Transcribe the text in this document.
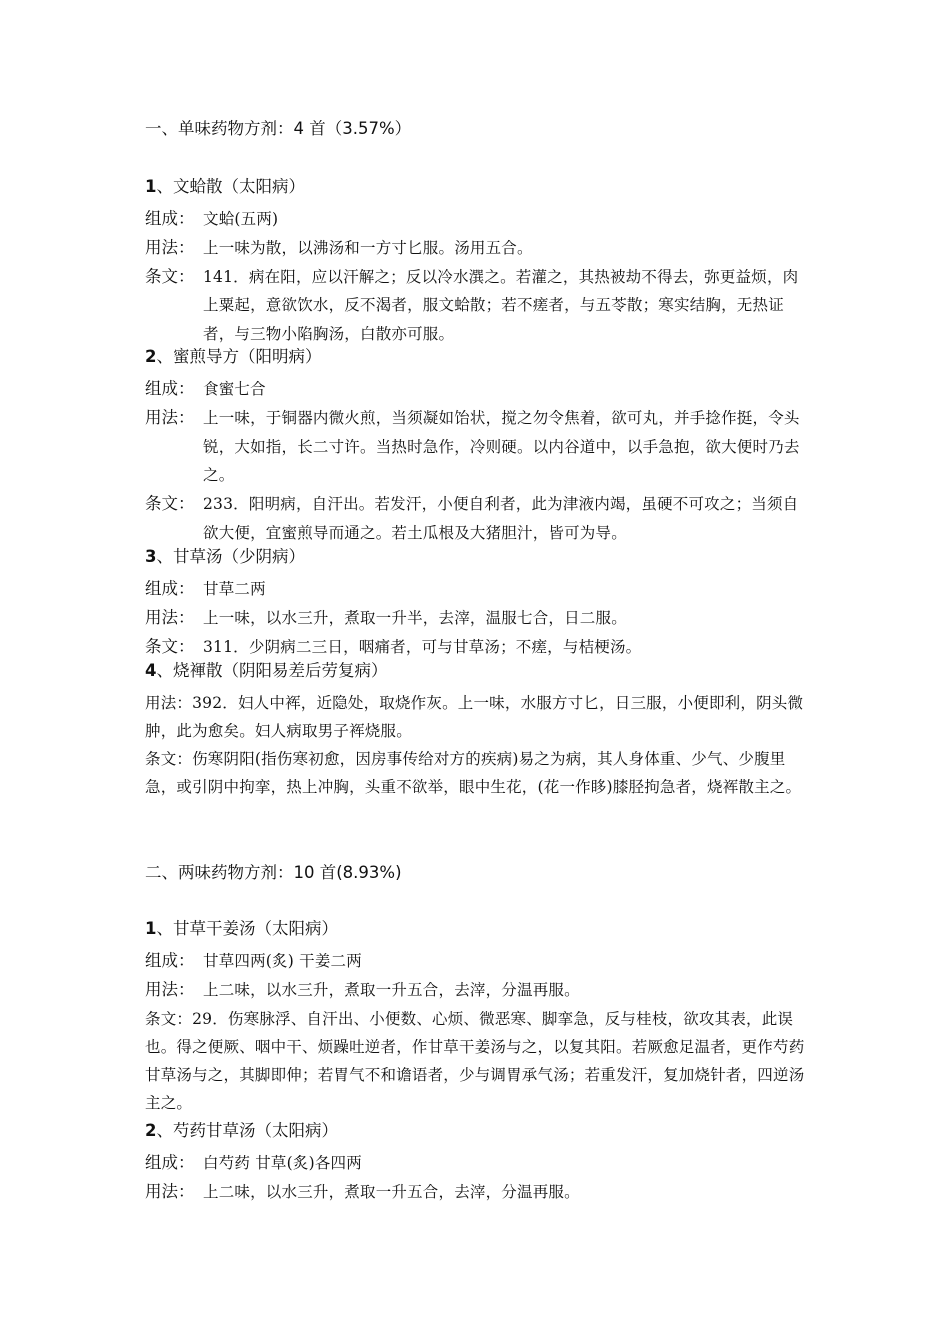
一、单味药物方剂：4 首（3.57%）
1、文蛤散（太阳病）
组成： 文蛤(五两)
用法： 上一味为散，以沸汤和一方寸匕服。汤用五合。
条文： 141．病在阳，应以汗解之；反以冷水潠之。若灌之，其热被劫不得去，弥更益烦，肉上粟起，意欲饮水，反不渴者，服文蛤散；若不瘥者，与五苓散；寒实结胸，无热证者，与三物小陷胸汤，白散亦可服。
2、蜜煎导方（阳明病）
组成： 食蜜七合
用法： 上一味，于铜器内微火煎，当须凝如饴状，搅之勿令焦着，欲可丸，并手捻作挺，令头锐，大如指，长二寸许。当热时急作，冷则硬。以内谷道中，以手急抱，欲大便时乃去之。
条文： 233．阳明病，自汗出。若发汗，小便自利者，此为津液内竭，虽硬不可攻之；当须自欲大便，宜蜜煎导而通之。若土瓜根及大猪胆汁，皆可为导。
3、甘草汤（少阴病）
组成： 甘草二两
用法： 上一味，以水三升，煮取一升半，去滓，温服七合，日二服。
条文： 311．少阴病二三日，咽痛者，可与甘草汤；不瘥，与桔梗汤。
4、烧褌散（阴阳易差后劳复病）
用法：392．妇人中裈，近隐处，取烧作灰。上一味，水服方寸匕，日三服，小便即利，阴头微肿，此为愈矣。妇人病取男子裈烧服。
条文：伤寒阴阳(指伤寒初愈，因房事传给对方的疾病)易之为病，其人身体重、少气、少腹里急，或引阴中拘挛，热上冲胸，头重不欲举，眼中生花，(花一作眵)膝胫拘急者，烧裈散主之。
二、两味药物方剂：10 首(8.93%)
1、甘草干姜汤（太阳病）
组成： 甘草四两(炙) 干姜二两
用法： 上二味，以水三升，煮取一升五合，去滓，分温再服。
条文：29．伤寒脉浮、自汗出、小便数、心烦、微恶寒、脚挛急，反与桂枝，欲攻其表，此误也。得之便厥、咽中干、烦躁吐逆者，作甘草干姜汤与之，以复其阳。若厥愈足温者，更作芍药甘草汤与之，其脚即伸；若胃气不和谵语者，少与调胃承气汤；若重发汗，复加烧针者，四逆汤主之。
2、芍药甘草汤（太阳病）
组成： 白芍药 甘草(炙)各四两
用法： 上二味，以水三升，煮取一升五合，去滓，分温再服。
